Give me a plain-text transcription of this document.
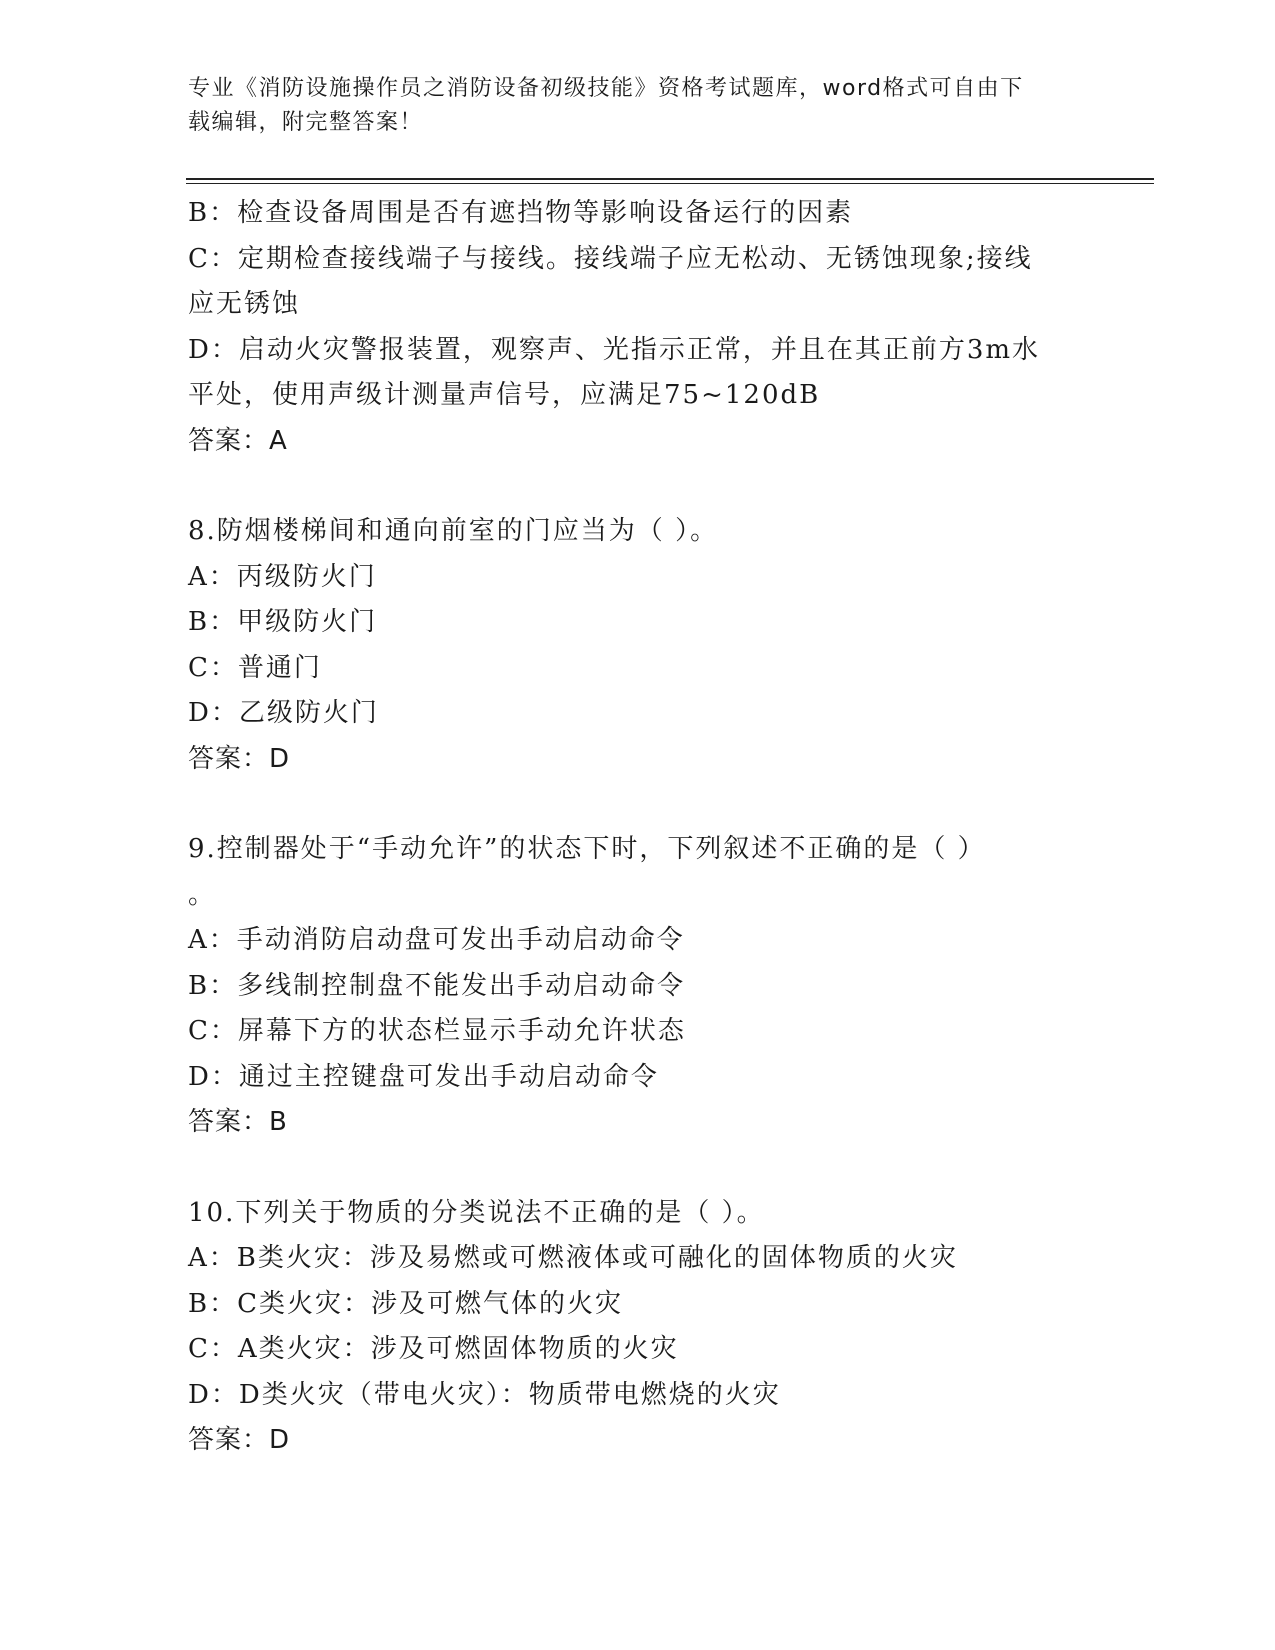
专业《消防设施操作员之消防设备初级技能》资格考试题库，word格式可自由下
载编辑，附完整答案！
B：检查设备周围是否有遮挡物等影响设备运行的因素
C：定期检查接线端子与接线。接线端子应无松动、无锈蚀现象;接线
应无锈蚀
D：启动火灾警报装置，观察声、光指示正常，并且在其正前方3m水
平处，使用声级计测量声信号，应满足75~120dB
答案：A
8.防烟楼梯间和通向前室的门应当为（ ）。
A：丙级防火门
B：甲级防火门
C：普通门
D：乙级防火门
答案：D
9.控制器处于“手动允许”的状态下时，下列叙述不正确的是（ ）
。
A：手动消防启动盘可发出手动启动命令
B：多线制控制盘不能发出手动启动命令
C：屏幕下方的状态栏显示手动允许状态
D：通过主控键盘可发出手动启动命令
答案：B
10.下列关于物质的分类说法不正确的是（ ）。
A：B类火灾：涉及易燃或可燃液体或可融化的固体物质的火灾
B：C类火灾：涉及可燃气体的火灾
C：A类火灾：涉及可燃固体物质的火灾
D：D类火灾（带电火灾）：物质带电燃烧的火灾
答案：D
